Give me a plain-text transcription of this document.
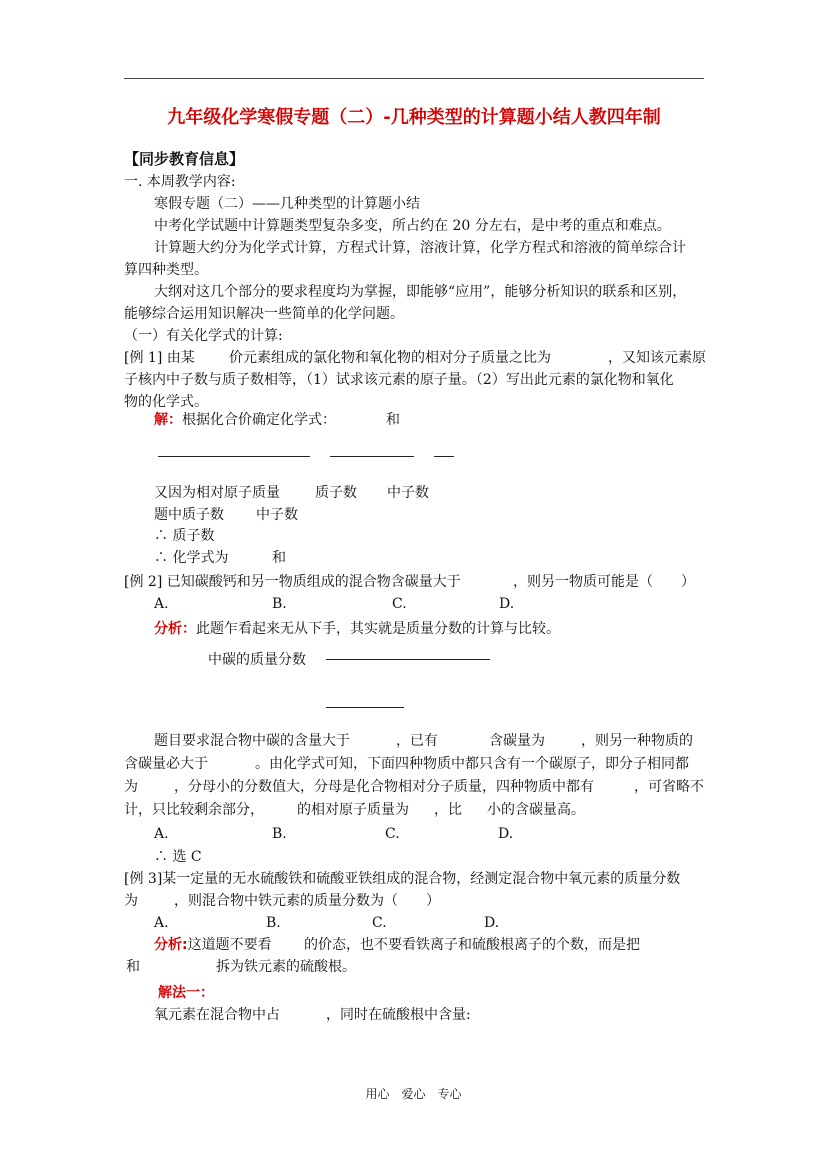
九年级化学寒假专题（二）-几种类型的计算题小结人教四年制
【同步教育信息】
一. 本周教学内容:
寒假专题（二）——几种类型的计算题小结
中考化学试题中计算题类型复杂多变，所占约在 20 分左右，是中考的重点和难点。
计算题大约分为化学式计算，方程式计算，溶液计算，化学方程式和溶液的简单综合计
算四种类型。
大纲对这几个部分的要求程度均为掌握，即能够“应用”，能够分析知识的联系和区别，
能够综合运用知识解决一些简单的化学问题。
（一）有关化学式的计算:
[例 1] 由某 价元素组成的氯化物和氧化物的相对分子质量之比为	，又知该元素原
子核内中子数与质子数相等，（1）试求该元素的原子量。（2）写出此元素的氯化物和氧化
物的化学式。
解：根据化合价确定化学式：	和
又因为相对原子质量	质子数 中子数
题中质子数 中子数
∴ 质子数
∴ 化学式为	和
[例 2] 已知碳酸钙和另一物质组成的混合物含碳量大于	，则另一物质可能是（　　）
A.	B.	C.	D.
分析：此题乍看起来无从下手，其实就是质量分数的计算与比较。
中碳的质量分数
题目要求混合物中碳的含量大于	，已有	含碳量为	，则另一种物质的
含碳量必大于	。由化学式可知，下面四种物质中都只含有一个碳原子，即分子相同都
为	，分母小的分数值大，分母是化合物相对分子质量，四种物质中都有	，可省略不
计，只比较剩余部分， 的相对原子质量为 ，比 小的含碳量高。
A.	B.	C.	D.
∴ 选 C
[例 3]某一定量的无水硫酸铁和硫酸亚铁组成的混合物，经测定混合物中氧元素的质量分数
为	，则混合物中铁元素的质量分数为（　　）
A.	B.	C.	D.
分析:这道题不要看 的价态，也不要看铁离子和硫酸根离子的个数，而是把
和	拆为铁元素的硫酸根。
解法一：
氧元素在混合物中占	，同时在硫酸根中含量:
用心　爱心　专心
